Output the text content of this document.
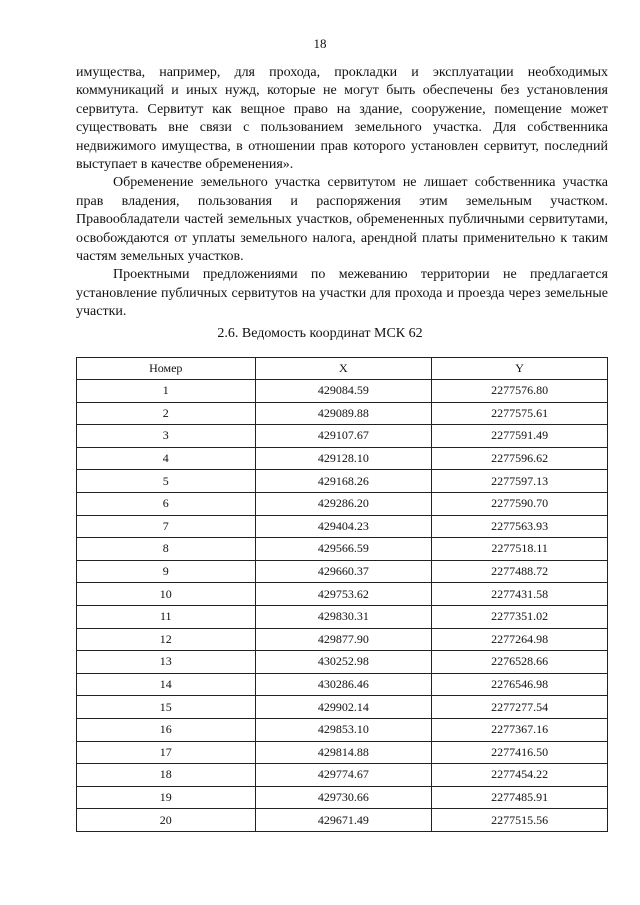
18

имущества, например, для прохода, прокладки и эксплуатации необходимых коммуникаций и иных нужд, которые не могут быть обеспечены без установления сервитута. Сервитут как вещное право на здание, сооружение, помещение может существовать вне связи с пользованием земельного участка. Для собственника недвижимого имущества, в отношении прав которого установлен сервитут, последний выступает в качестве обременения».

Обременение земельного участка сервитутом не лишает собственника участка прав владения, пользования и распоряжения этим земельным участком. Правообладатели частей земельных участков, обремененных публичными сервитутами, освобождаются от уплаты земельного налога, арендной платы применительно к таким частям земельных участков.

Проектными предложениями по межеванию территории не предлагается установление публичных сервитутов на участки для прохода и проезда через земельные участки.

2.6. Ведомость координат МСК 62
Номер	X	Y
1	429084.59	2277576.80
2	429089.88	2277575.61
3	429107.67	2277591.49
4	429128.10	2277596.62
5	429168.26	2277597.13
6	429286.20	2277590.70
7	429404.23	2277563.93
8	429566.59	2277518.11
9	429660.37	2277488.72
10	429753.62	2277431.58
11	429830.31	2277351.02
12	429877.90	2277264.98
13	430252.98	2276528.66
14	430286.46	2276546.98
15	429902.14	2277277.54
16	429853.10	2277367.16
17	429814.88	2277416.50
18	429774.67	2277454.22
19	429730.66	2277485.91
20	429671.49	2277515.56
